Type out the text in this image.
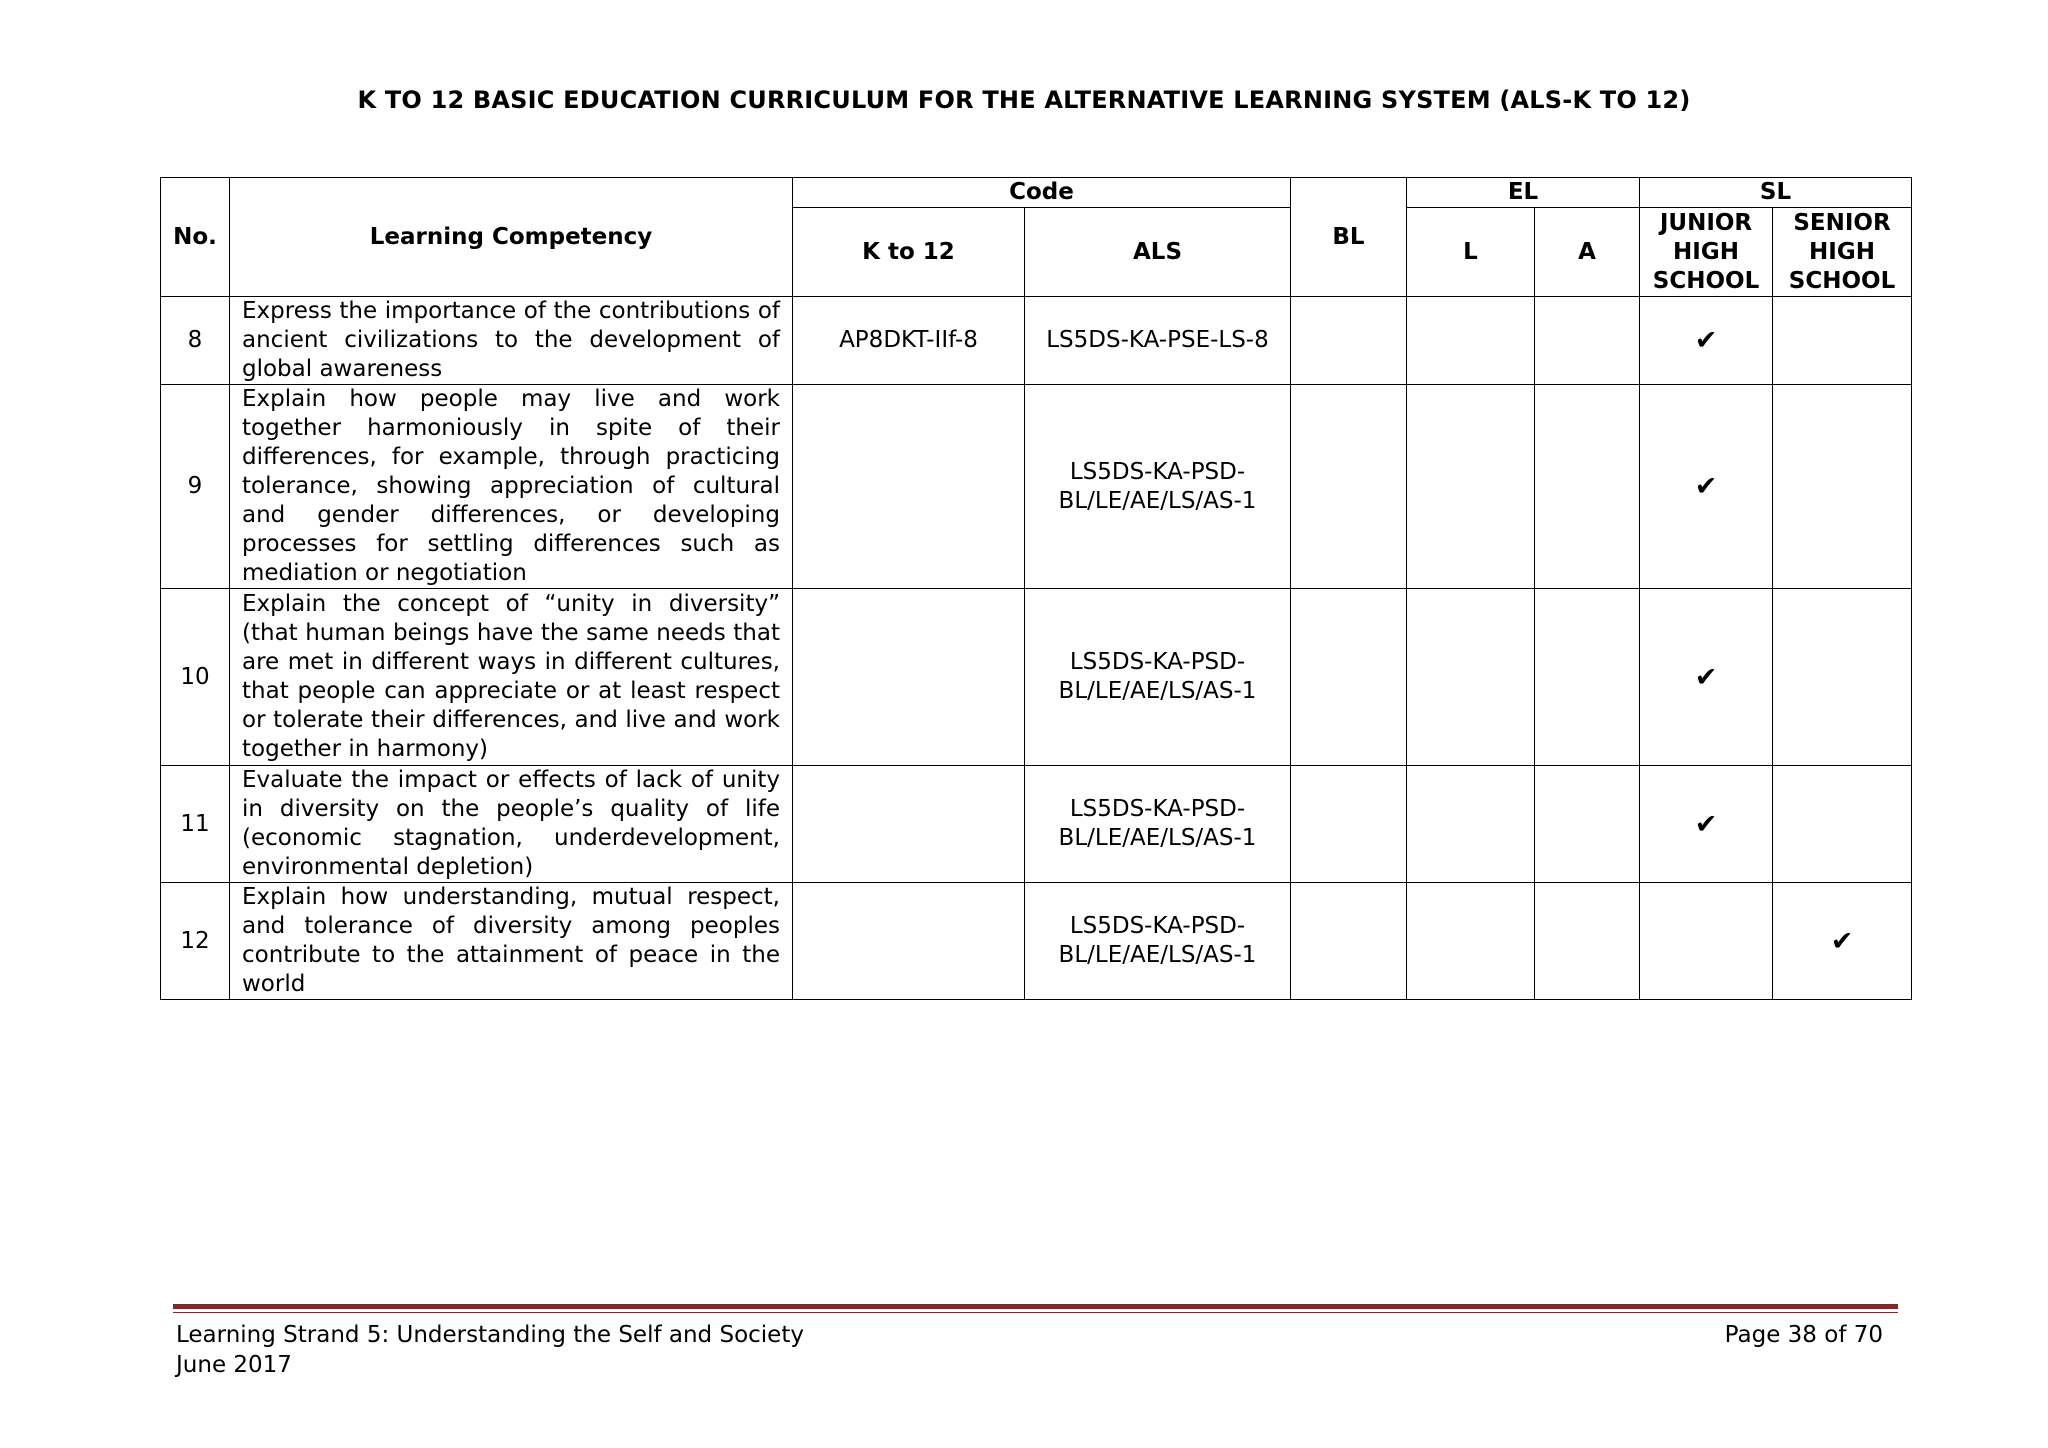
K TO 12 BASIC EDUCATION CURRICULUM FOR THE ALTERNATIVE LEARNING SYSTEM (ALS-K TO 12)
No.	Learning Competency	Code		BL	EL		SL	
		K to 12	ALS		L	A	JUNIOR HIGH SCHOOL	SENIOR HIGH SCHOOL
8	Express the importance of the contributions of ancient civilizations to the development of global awareness	AP8DKT-IIf-8	LS5DS-KA-PSE-LS-8				✔	
9	Explain how people may live and work together harmoniously in spite of their differences, for example, through practicing tolerance, showing appreciation of cultural and gender differences, or developing processes for settling differences such as mediation or negotiation		LS5DS-KA-PSD-BL/LE/AE/LS/AS-1				✔	
10	Explain the concept of “unity in diversity” (that human beings have the same needs that are met in different ways in different cultures, that people can appreciate or at least respect or tolerate their differences, and live and work together in harmony)		LS5DS-KA-PSD-BL/LE/AE/LS/AS-1				✔	
11	Evaluate the impact or effects of lack of unity in diversity on the people’s quality of life (economic stagnation, underdevelopment, environmental depletion)		LS5DS-KA-PSD-BL/LE/AE/LS/AS-1				✔	
12	Explain how understanding, mutual respect, and tolerance of diversity among peoples contribute to the attainment of peace in the world		LS5DS-KA-PSD-BL/LE/AE/LS/AS-1					✔
Learning Strand 5: Understanding the Self and Society
June 2017
Page 38 of 70
